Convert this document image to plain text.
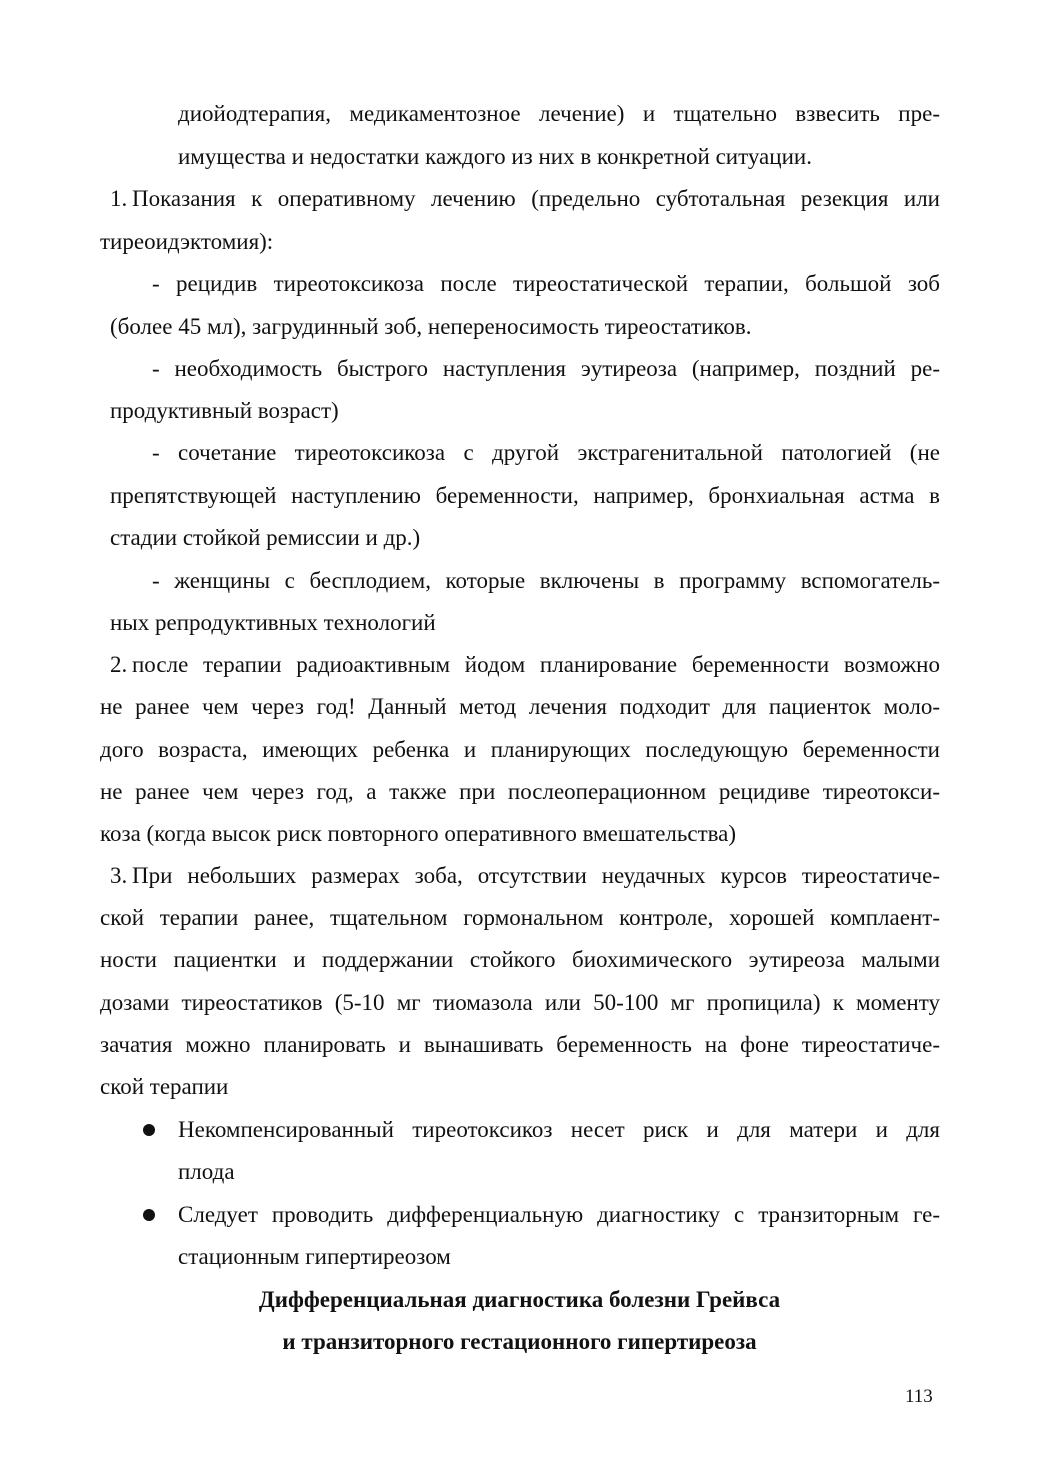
диойодтерапия, медикаментозное лечение) и тщательно взвесить пре-
имущества и недостатки каждого из них в конкретной ситуации.
1. Показания к оперативному лечению (предельно субтотальная резекция или
тиреоидэктомия):
- рецидив тиреотоксикоза после тиреостатической терапии, большой зоб
(более 45 мл), загрудинный зоб, непереносимость тиреостатиков.
- необходимость быстрого наступления эутиреоза (например, поздний ре-
продуктивный возраст)
- сочетание тиреотоксикоза с другой экстрагенитальной патологией (не
препятствующей наступлению беременности, например, бронхиальная астма в
стадии стойкой ремиссии и др.)
- женщины с бесплодием, которые включены в программу вспомогатель-
ных репродуктивных технологий
2. после терапии радиоактивным йодом планирование беременности возможно
не ранее чем через год! Данный метод лечения подходит для пациенток моло-
дого возраста, имеющих ребенка и планирующих последующую беременности
не ранее чем через год, а также при послеоперационном рецидиве тиреотокси-
коза (когда высок риск повторного оперативного вмешательства)
3. При небольших размерах зоба, отсутствии неудачных курсов тиреостатиче-
ской терапии ранее, тщательном гормональном контроле, хорошей комплаент-
ности пациентки и поддержании стойкого биохимического эутиреоза малыми
дозами тиреостатиков (5-10 мг тиомазола или 50-100 мг пропицила) к моменту
зачатия можно планировать и вынашивать беременность на фоне тиреостатиче-
ской терапии
Некомпенсированный тиреотоксикоз несет риск и для матери и для
плода
Следует проводить дифференциальную диагностику с транзиторным ге-
стационным гипертиреозом
Дифференциальная диагностика болезни Грейвса
и транзиторного гестационного гипертиреоза
113
